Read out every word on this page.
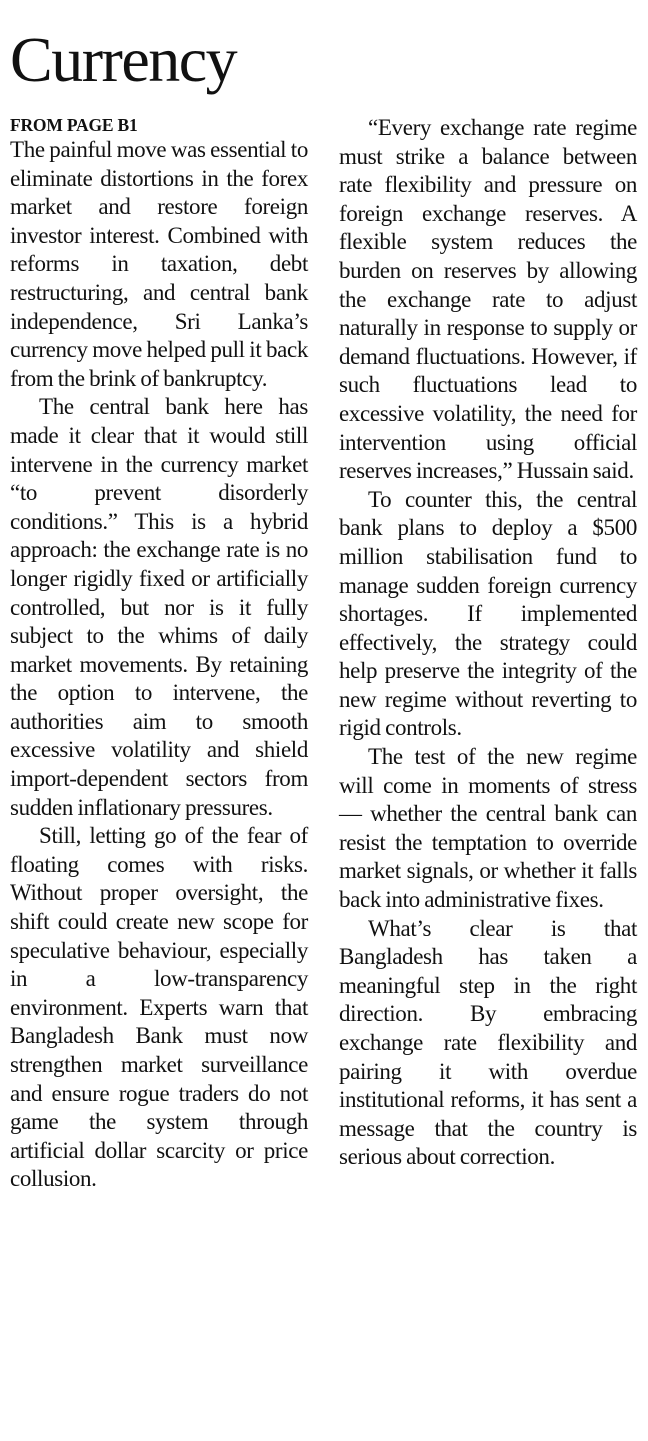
Currency
FROM PAGE B1

The painful move was essential to eliminate distortions in the forex market and restore foreign investor interest. Combined with reforms in taxation, debt restructuring, and central bank independence, Sri Lanka’s currency move helped pull it back from the brink of bankruptcy.

The central bank here has made it clear that it would still intervene in the currency market “to prevent disorderly conditions.” This is a hybrid approach: the exchange rate is no longer rigidly fixed or artificially controlled, but nor is it fully subject to the whims of daily market movements. By retaining the option to intervene, the authorities aim to smooth excessive volatility and shield import-dependent sectors from sudden inflationary pressures.

Still, letting go of the fear of floating comes with risks. Without proper oversight, the shift could create new scope for speculative behaviour, especially in a low-transparency environment. Experts warn that Bangladesh Bank must now strengthen market surveillance and ensure rogue traders do not game the system through artificial dollar scarcity or price collusion.

“Every exchange rate regime must strike a balance between rate flexibility and pressure on foreign exchange reserves. A flexible system reduces the burden on reserves by allowing the exchange rate to adjust naturally in response to supply or demand fluctuations. However, if such fluctuations lead to excessive volatility, the need for intervention using official reserves increases,” Hussain said.

To counter this, the central bank plans to deploy a $500 million stabilisation fund to manage sudden foreign currency shortages. If implemented effectively, the strategy could help preserve the integrity of the new regime without reverting to rigid controls.

The test of the new regime will come in moments of stress — whether the central bank can resist the temptation to override market signals, or whether it falls back into administrative fixes.

What’s clear is that Bangladesh has taken a meaningful step in the right direction. By embracing exchange rate flexibility and pairing it with overdue institutional reforms, it has sent a message that the country is serious about correction.
